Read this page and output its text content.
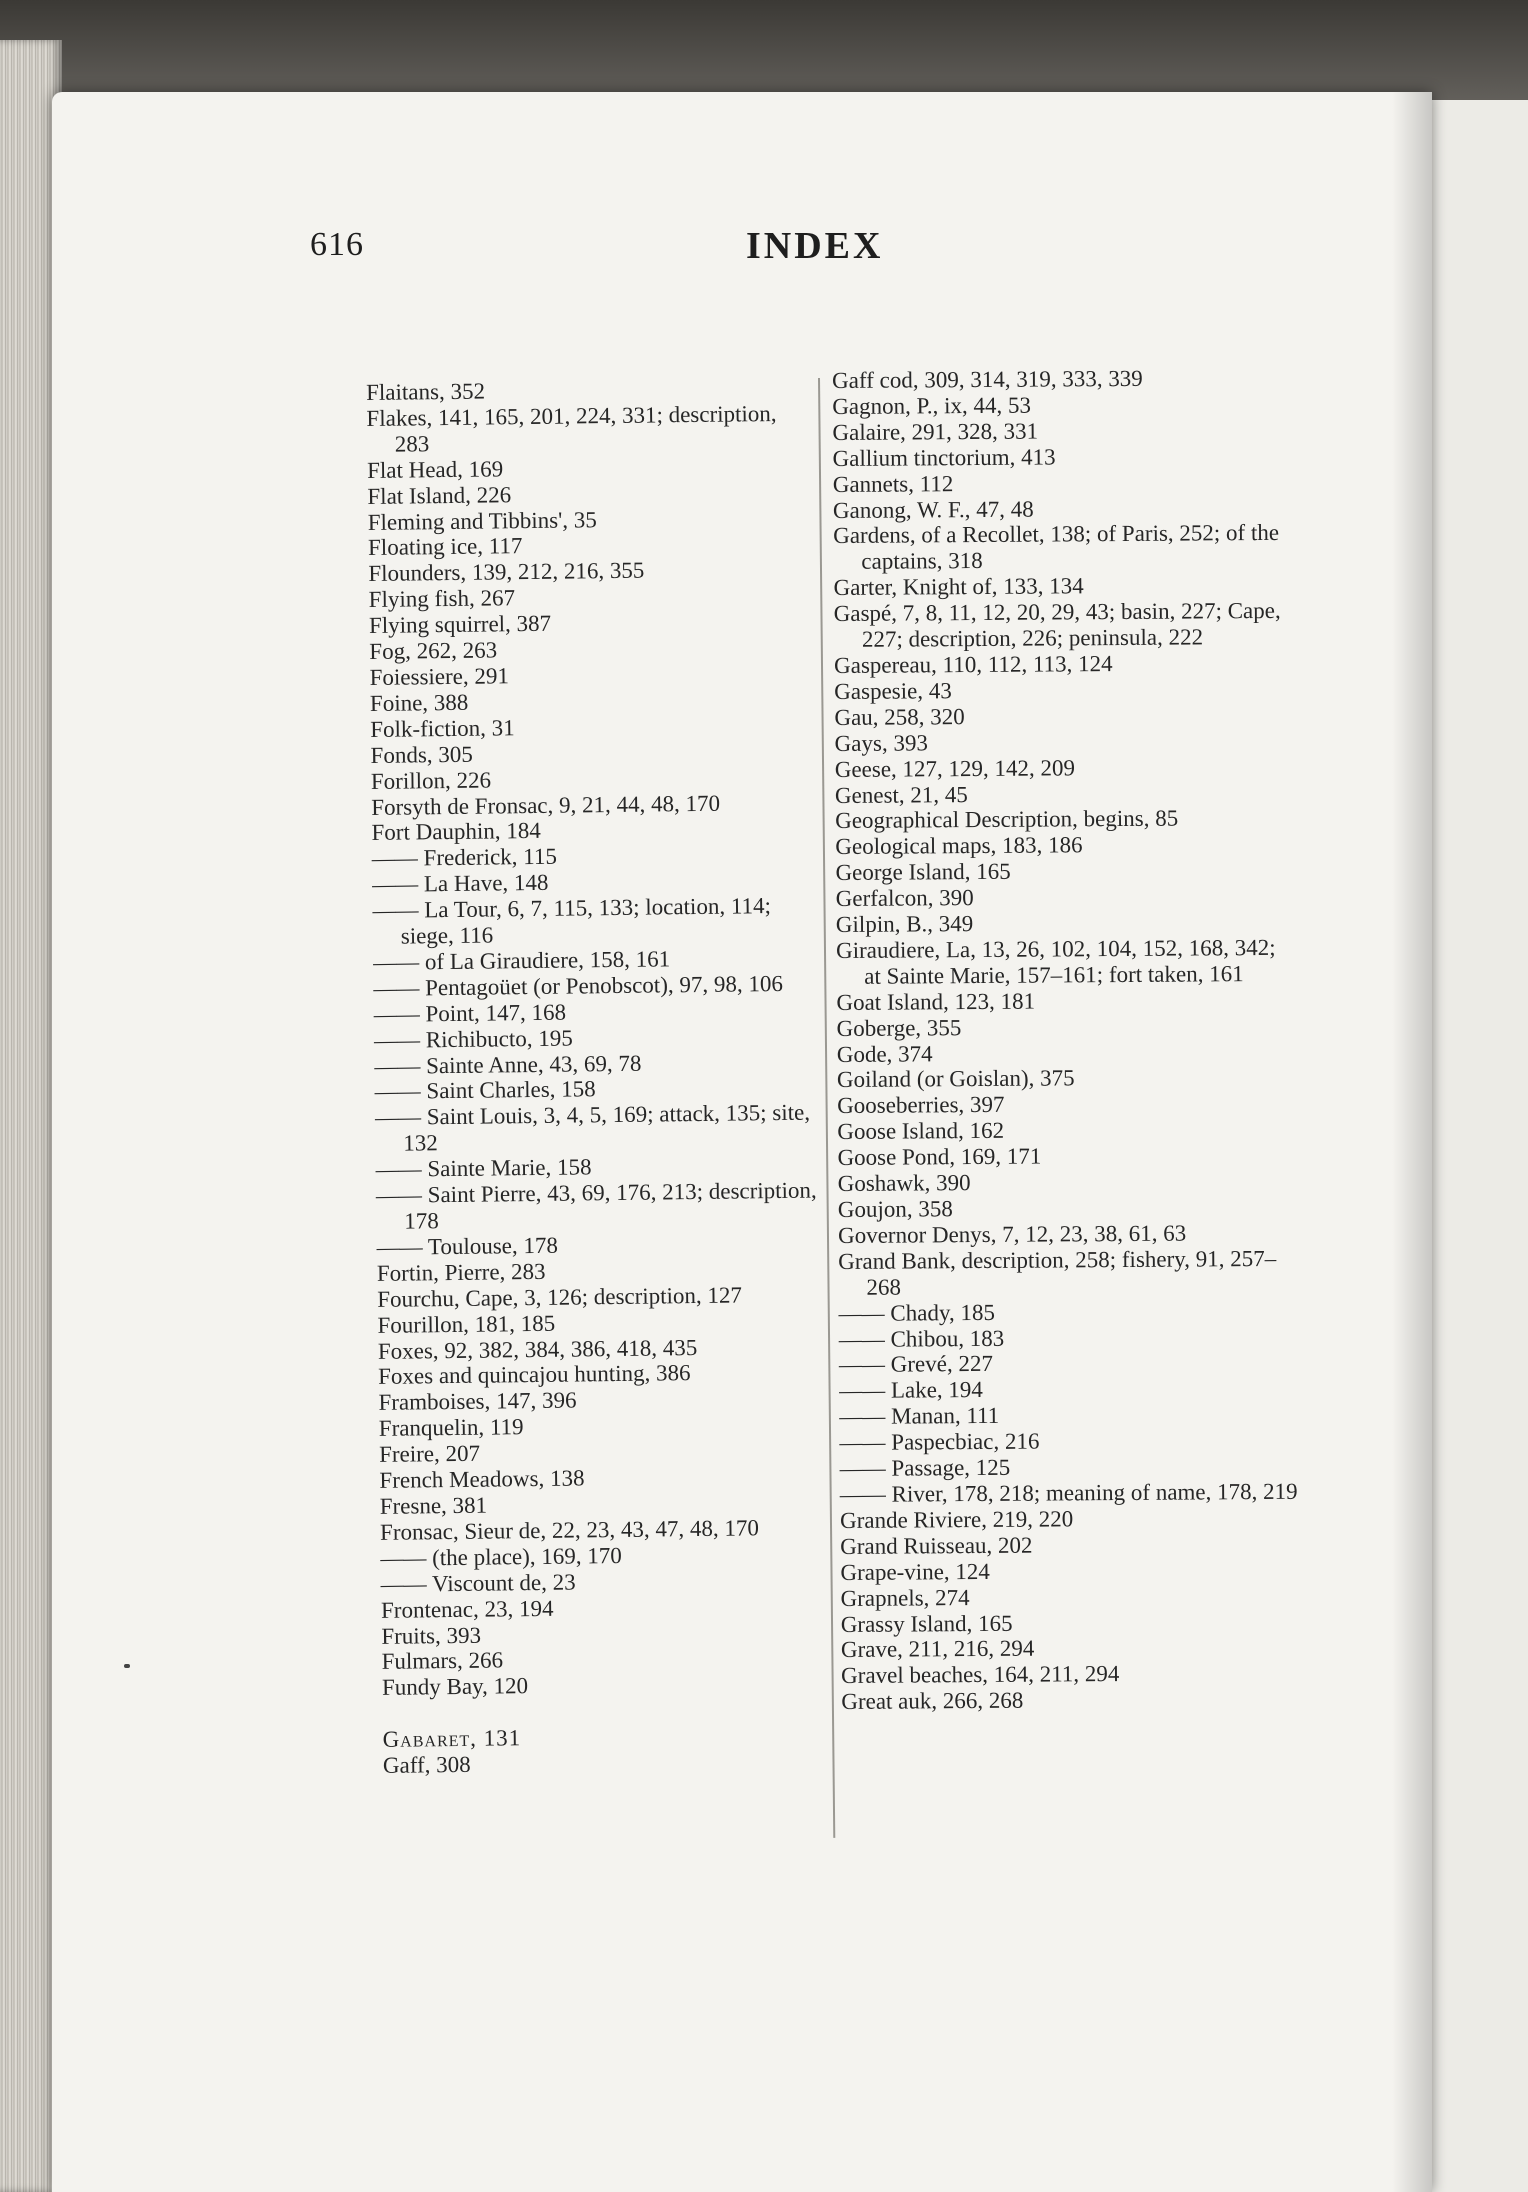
616	INDEX

Flaitans, 352

Flakes, 141, 165, 201, 224, 331; description, 283

Flat Head, 169

Flat Island, 226

Fleming and Tibbins', 35

Floating ice, 117

Flounders, 139, 212, 216, 355

Flying fish, 267

Flying squirrel, 387

Fog, 262, 263

Foiessiere, 291

Foine, 388

Folk-fiction, 31

Fonds, 305

Forillon, 226

Forsyth de Fronsac, 9, 21, 44, 48, 170

Fort Dauphin, 184

—— Frederick, 115

—— La Have, 148

—— La Tour, 6, 7, 115, 133; location, 114; siege, 116

—— of La Giraudiere, 158, 161

—— Pentagoüet (or Penobscot), 97, 98, 106

—— Point, 147, 168

—— Richibucto, 195

—— Sainte Anne, 43, 69, 78

—— Saint Charles, 158

—— Saint Louis, 3, 4, 5, 169; attack, 135; site, 132

—— Sainte Marie, 158

—— Saint Pierre, 43, 69, 176, 213; description, 178

—— Toulouse, 178

Fortin, Pierre, 283

Fourchu, Cape, 3, 126; description, 127

Fourillon, 181, 185

Foxes, 92, 382, 384, 386, 418, 435

Foxes and quincajou hunting, 386

Framboises, 147, 396

Franquelin, 119

Freire, 207

French Meadows, 138

Fresne, 381

Fronsac, Sieur de, 22, 23, 43, 47, 48, 170

—— (the place), 169, 170

—— Viscount de, 23

Frontenac, 23, 194

Fruits, 393

Fulmars, 266

Fundy Bay, 120

Gabaret, 131

Gaff, 308

Gaff cod, 309, 314, 319, 333, 339

Gagnon, P., ix, 44, 53

Galaire, 291, 328, 331

Gallium tinctorium, 413

Gannets, 112

Ganong, W. F., 47, 48

Gardens, of a Recollet, 138; of Paris, 252; of the captains, 318

Garter, Knight of, 133, 134

Gaspé, 7, 8, 11, 12, 20, 29, 43; basin, 227; Cape, 227; description, 226; peninsula, 222

Gaspereau, 110, 112, 113, 124

Gaspesie, 43

Gau, 258, 320

Gays, 393

Geese, 127, 129, 142, 209

Genest, 21, 45

Geographical Description, begins, 85

Geological maps, 183, 186

George Island, 165

Gerfalcon, 390

Gilpin, B., 349

Giraudiere, La, 13, 26, 102, 104, 152, 168, 342; at Sainte Marie, 157–161; fort taken, 161

Goat Island, 123, 181

Goberge, 355

Gode, 374

Goiland (or Goislan), 375

Gooseberries, 397

Goose Island, 162

Goose Pond, 169, 171

Goshawk, 390

Goujon, 358

Governor Denys, 7, 12, 23, 38, 61, 63

Grand Bank, description, 258; fishery, 91, 257–268

—— Chady, 185

—— Chibou, 183

—— Grevé, 227

—— Lake, 194

—— Manan, 111

—— Paspecbiac, 216

—— Passage, 125

—— River, 178, 218; meaning of name, 178, 219

Grande Riviere, 219, 220

Grand Ruisseau, 202

Grape-vine, 124

Grapnels, 274

Grassy Island, 165

Grave, 211, 216, 294

Gravel beaches, 164, 211, 294

Great auk, 266, 268
